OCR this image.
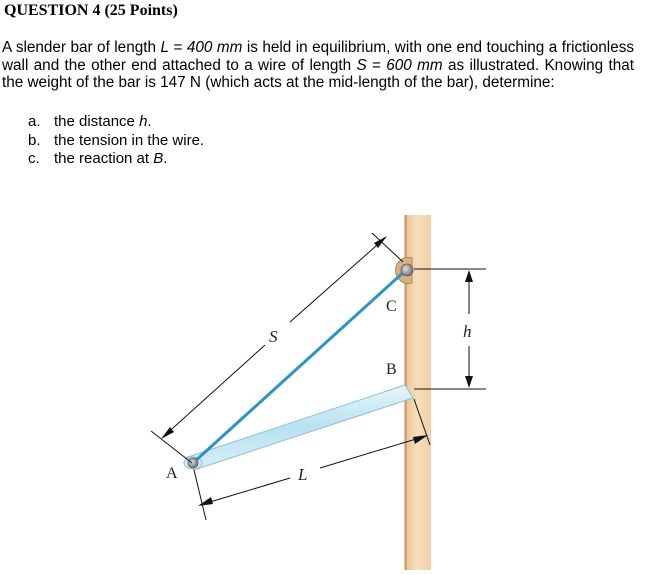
QUESTION 4 (25 Points)

A slender bar of length L = 400 mm is held in equilibrium, with one end touching a frictionless wall and the other end attached to a wire of length S = 600 mm as illustrated. Knowing that the weight of the bar is 147 N (which acts at the mid-length of the bar), determine:

a. the distance h.
b. the tension in the wire.
c. the reaction at B.
S
L
h
C
B
A
